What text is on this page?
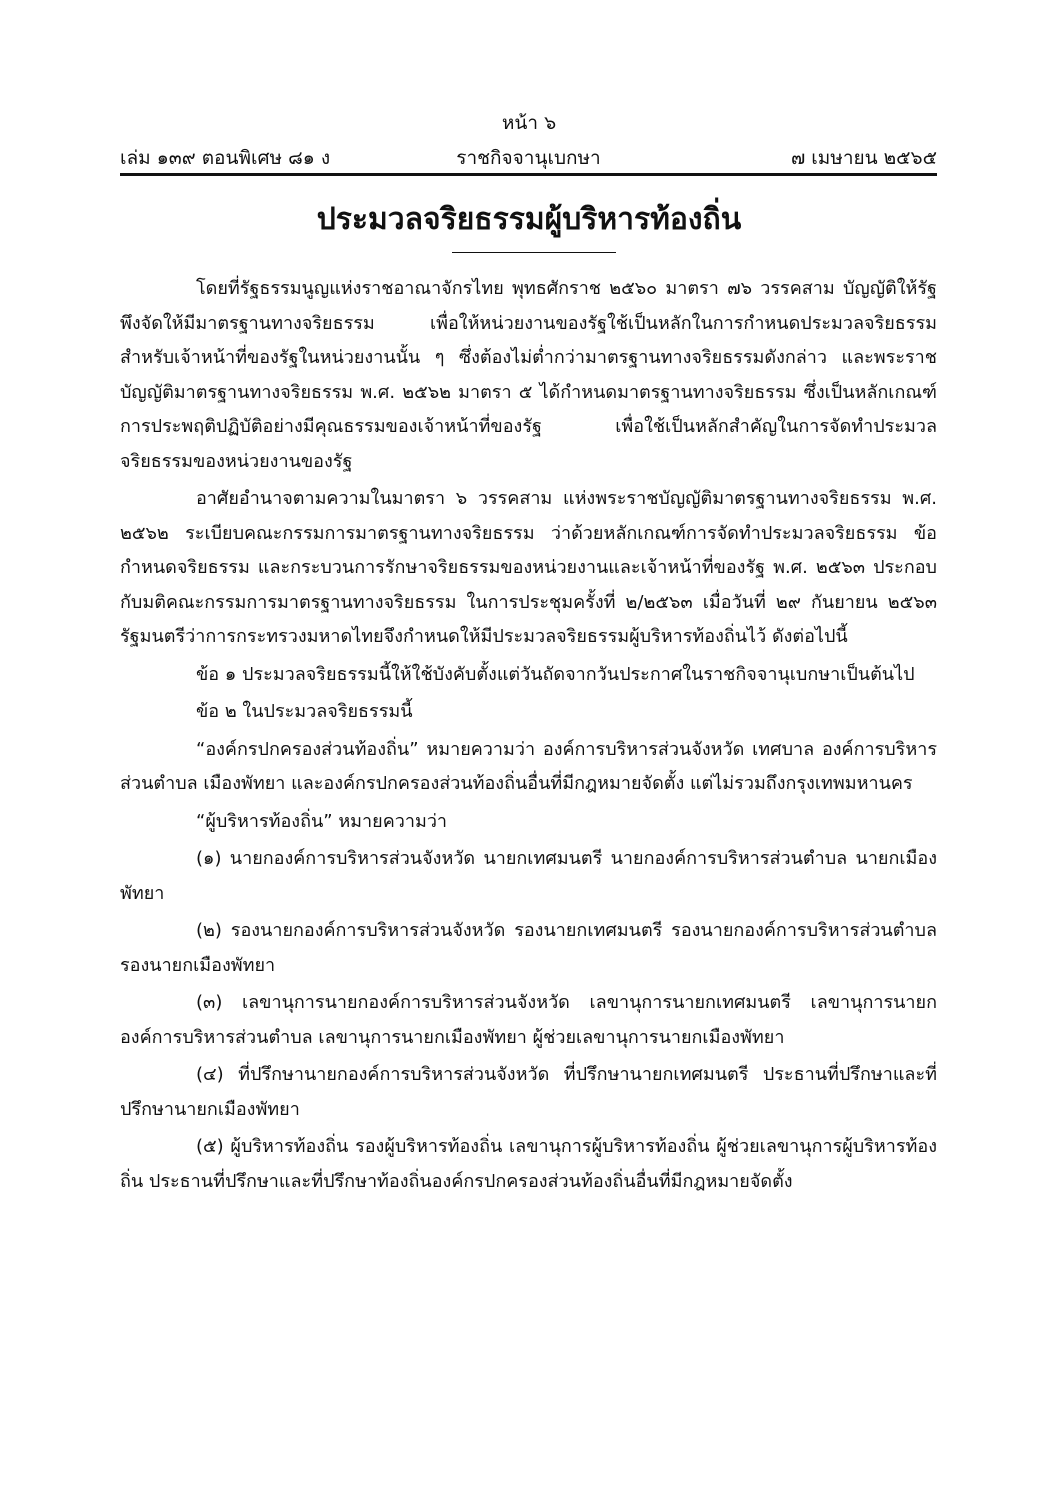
หน้า ๖
เล่ม ๑๓๙ ตอนพิเศษ ๘๑ ง	ราชกิจจานุเบกษา	๗ เมษายน ๒๕๖๕
ประมวลจริยธรรมผู้บริหารท้องถิ่น

โดยที่รัฐธรรมนูญแห่งราชอาณาจักรไทย พุทธศักราช ๒๕๖๐ มาตรา ๗๖ วรรคสาม บัญญัติให้รัฐพึงจัดให้มีมาตรฐานทางจริยธรรม เพื่อให้หน่วยงานของรัฐใช้เป็นหลักในการกำหนดประมวลจริยธรรมสำหรับเจ้าหน้าที่ของรัฐในหน่วยงานนั้น ๆ ซึ่งต้องไม่ต่ำกว่ามาตรฐานทางจริยธรรมดังกล่าว และพระราชบัญญัติมาตรฐานทางจริยธรรม พ.ศ. ๒๕๖๒ มาตรา ๕ ได้กำหนดมาตรฐานทางจริยธรรม ซึ่งเป็นหลักเกณฑ์การประพฤติปฏิบัติอย่างมีคุณธรรมของเจ้าหน้าที่ของรัฐ เพื่อใช้เป็นหลักสำคัญในการจัดทำประมวลจริยธรรมของหน่วยงานของรัฐ

อาศัยอำนาจตามความในมาตรา ๖ วรรคสาม แห่งพระราชบัญญัติมาตรฐานทางจริยธรรม พ.ศ. ๒๕๖๒ ระเบียบคณะกรรมการมาตรฐานทางจริยธรรม ว่าด้วยหลักเกณฑ์การจัดทำประมวลจริยธรรม ข้อกำหนดจริยธรรม และกระบวนการรักษาจริยธรรมของหน่วยงานและเจ้าหน้าที่ของรัฐ พ.ศ. ๒๕๖๓ ประกอบกับมติคณะกรรมการมาตรฐานทางจริยธรรม ในการประชุมครั้งที่ ๒/๒๕๖๓ เมื่อวันที่ ๒๙ กันยายน ๒๕๖๓ รัฐมนตรีว่าการกระทรวงมหาดไทยจึงกำหนดให้มีประมวลจริยธรรมผู้บริหารท้องถิ่นไว้ ดังต่อไปนี้

ข้อ ๑ ประมวลจริยธรรมนี้ให้ใช้บังคับตั้งแต่วันถัดจากวันประกาศในราชกิจจานุเบกษาเป็นต้นไป

ข้อ ๒ ในประมวลจริยธรรมนี้

“องค์กรปกครองส่วนท้องถิ่น” หมายความว่า องค์การบริหารส่วนจังหวัด เทศบาล องค์การบริหารส่วนตำบล เมืองพัทยา และองค์กรปกครองส่วนท้องถิ่นอื่นที่มีกฎหมายจัดตั้ง แต่ไม่รวมถึงกรุงเทพมหานคร

“ผู้บริหารท้องถิ่น” หมายความว่า

(๑) นายกองค์การบริหารส่วนจังหวัด นายกเทศมนตรี นายกองค์การบริหารส่วนตำบล นายกเมืองพัทยา

(๒) รองนายกองค์การบริหารส่วนจังหวัด รองนายกเทศมนตรี รองนายกองค์การบริหารส่วนตำบล รองนายกเมืองพัทยา

(๓) เลขานุการนายกองค์การบริหารส่วนจังหวัด เลขานุการนายกเทศมนตรี เลขานุการนายกองค์การบริหารส่วนตำบล เลขานุการนายกเมืองพัทยา ผู้ช่วยเลขานุการนายกเมืองพัทยา

(๔) ที่ปรึกษานายกองค์การบริหารส่วนจังหวัด ที่ปรึกษานายกเทศมนตรี ประธานที่ปรึกษาและที่ปรึกษานายกเมืองพัทยา

(๕) ผู้บริหารท้องถิ่น รองผู้บริหารท้องถิ่น เลขานุการผู้บริหารท้องถิ่น ผู้ช่วยเลขานุการผู้บริหารท้องถิ่น ประธานที่ปรึกษาและที่ปรึกษาท้องถิ่นองค์กรปกครองส่วนท้องถิ่นอื่นที่มีกฎหมายจัดตั้ง
